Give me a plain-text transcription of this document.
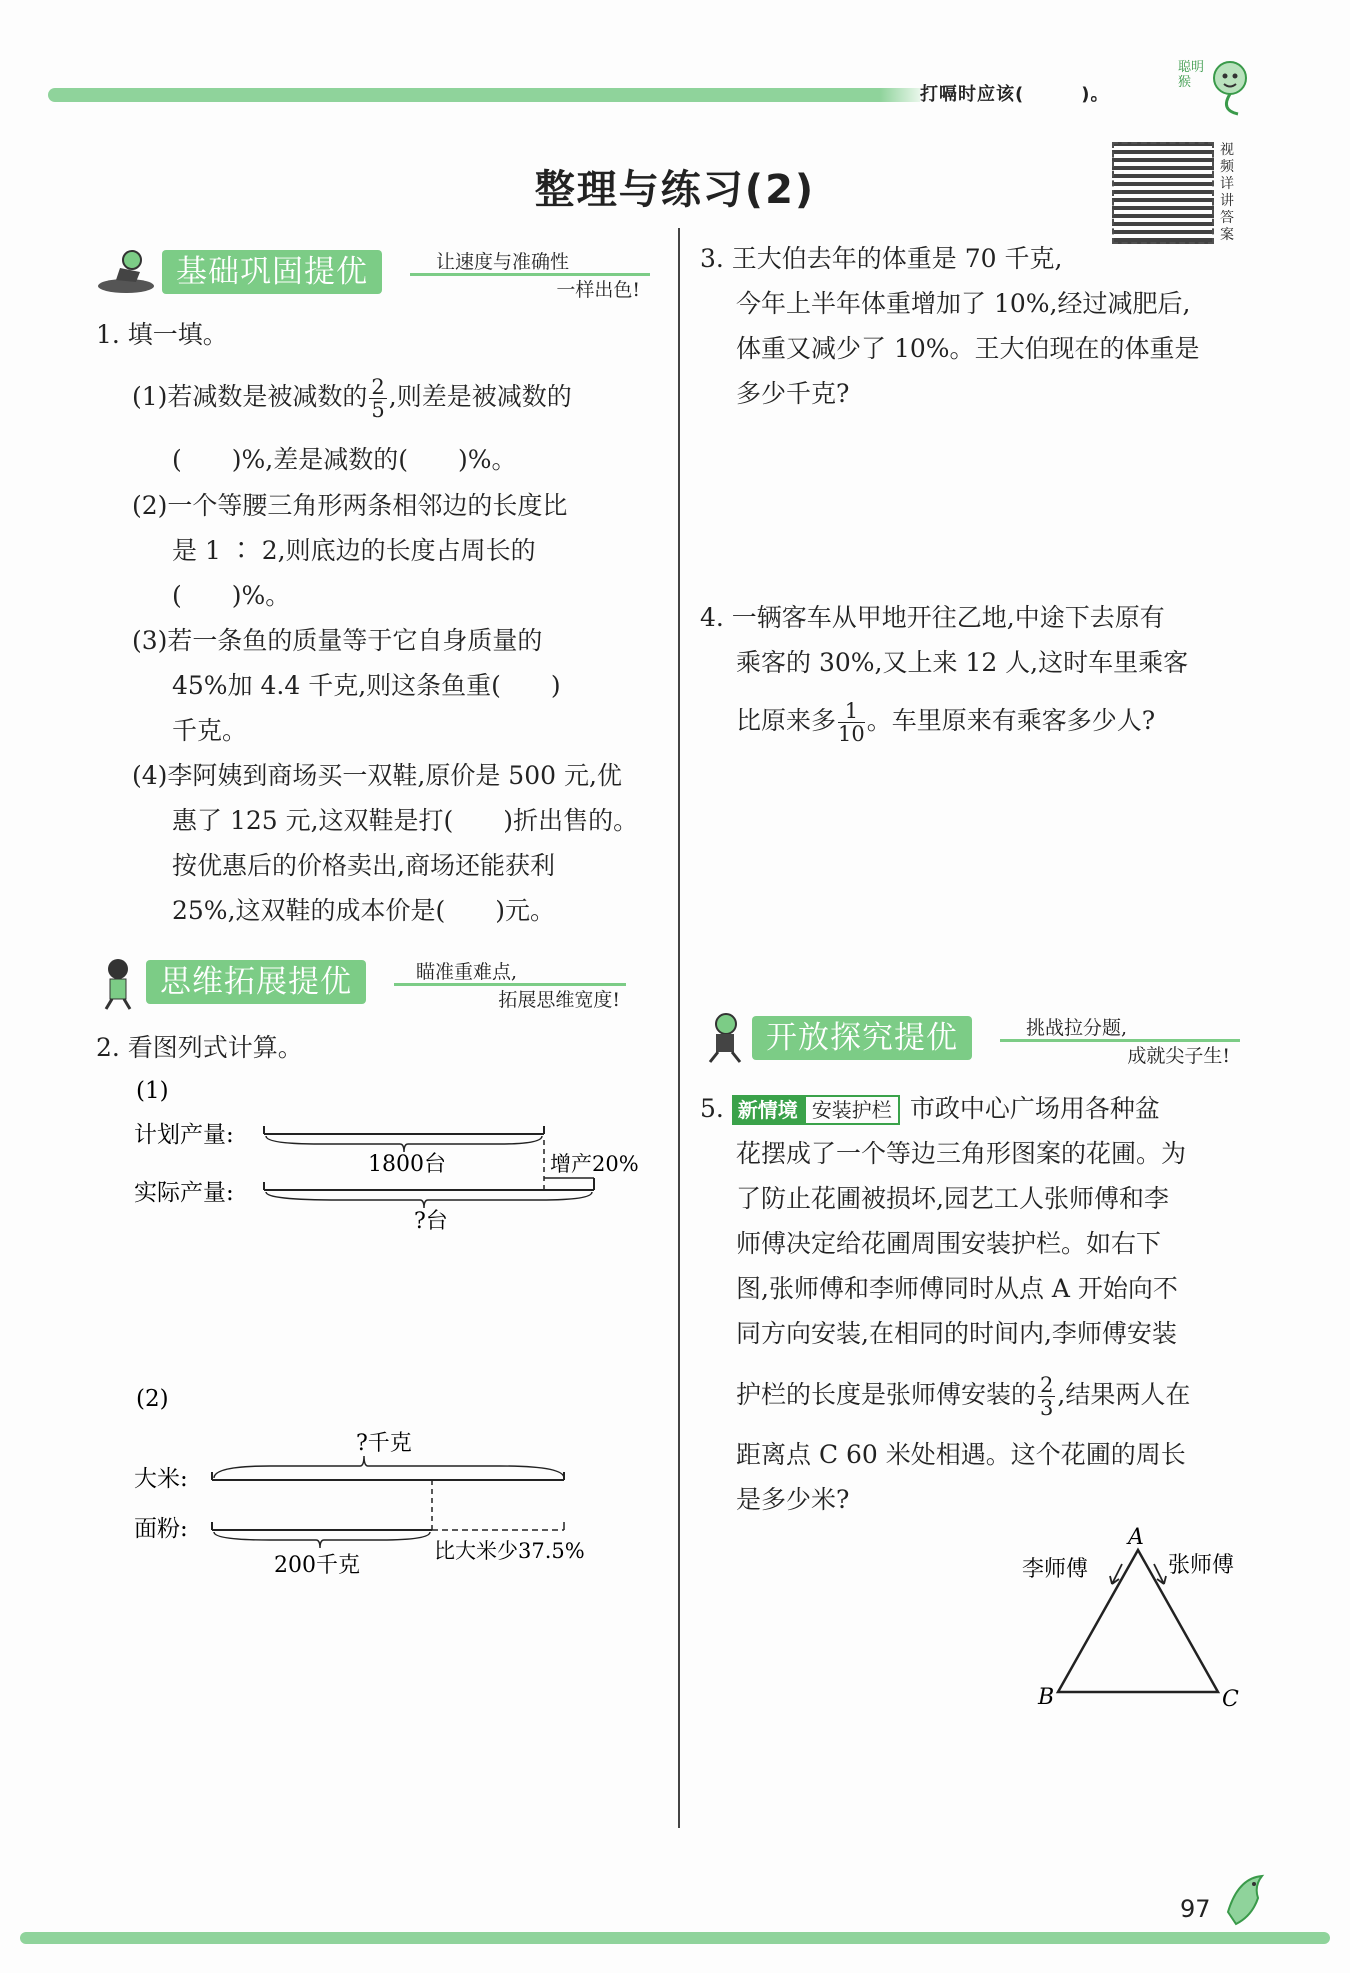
打嗝时应该(　　　)。
聪明猴
整理与练习(2)
视频详讲答案
基础巩固提优	让速度与准确性
一样出色!
1. 填一填。
(1)若减数是被减数的 $\frac{2}{5}$ ,则差是被减数的
(　　)%,差是减数的(　　)%。
(2)一个等腰三角形两条相邻边的长度比
是 1 ∶ 2,则底边的长度占周长的
(　　)%。
(3)若一条鱼的质量等于它自身质量的
45%加 4.4 千克,则这条鱼重(　　)
千克。
(4)李阿姨到商场买一双鞋,原价是 500 元,优
惠了 125 元,这双鞋是打(　　)折出售的。
按优惠后的价格卖出,商场还能获利
25%,这双鞋的成本价是(　　)元。
思维拓展提优	瞄准重难点,
拓展思维宽度!
2. 看图列式计算。
(1)
计划产量:
1800台	增产20%
实际产量:
?台
(2)
?千克
大米:
面粉:
200千克
比大米少37.5%
3. 王大伯去年的体重是 70 千克,
今年上半年体重增加了 10%,经过减肥后,
体重又减少了 10%。王大伯现在的体重是
多少千克?
4. 一辆客车从甲地开往乙地,中途下去原有
乘客的 30%,又上来 12 人,这时车里乘客
比原来多 $\frac{1}{10}$ 。车里原来有乘客多少人?
开放探究提优	挑战拉分题,
成就尖子生!
5. 新情境 安装护栏 市政中心广场用各种盆
花摆成了一个等边三角形图案的花圃。为
了防止花圃被损坏,园艺工人张师傅和李
师傅决定给花圃周围安装护栏。如右下
图,张师傅和李师傅同时从点 A 开始向不
同方向安装,在相同的时间内,李师傅安装
护栏的长度是张师傅安装的 $\frac{2}{3}$ ,结果两人在
距离点 C 60 米处相遇。这个花圃的周长
是多少米?
A
B	C
李师傅	张师傅
97
